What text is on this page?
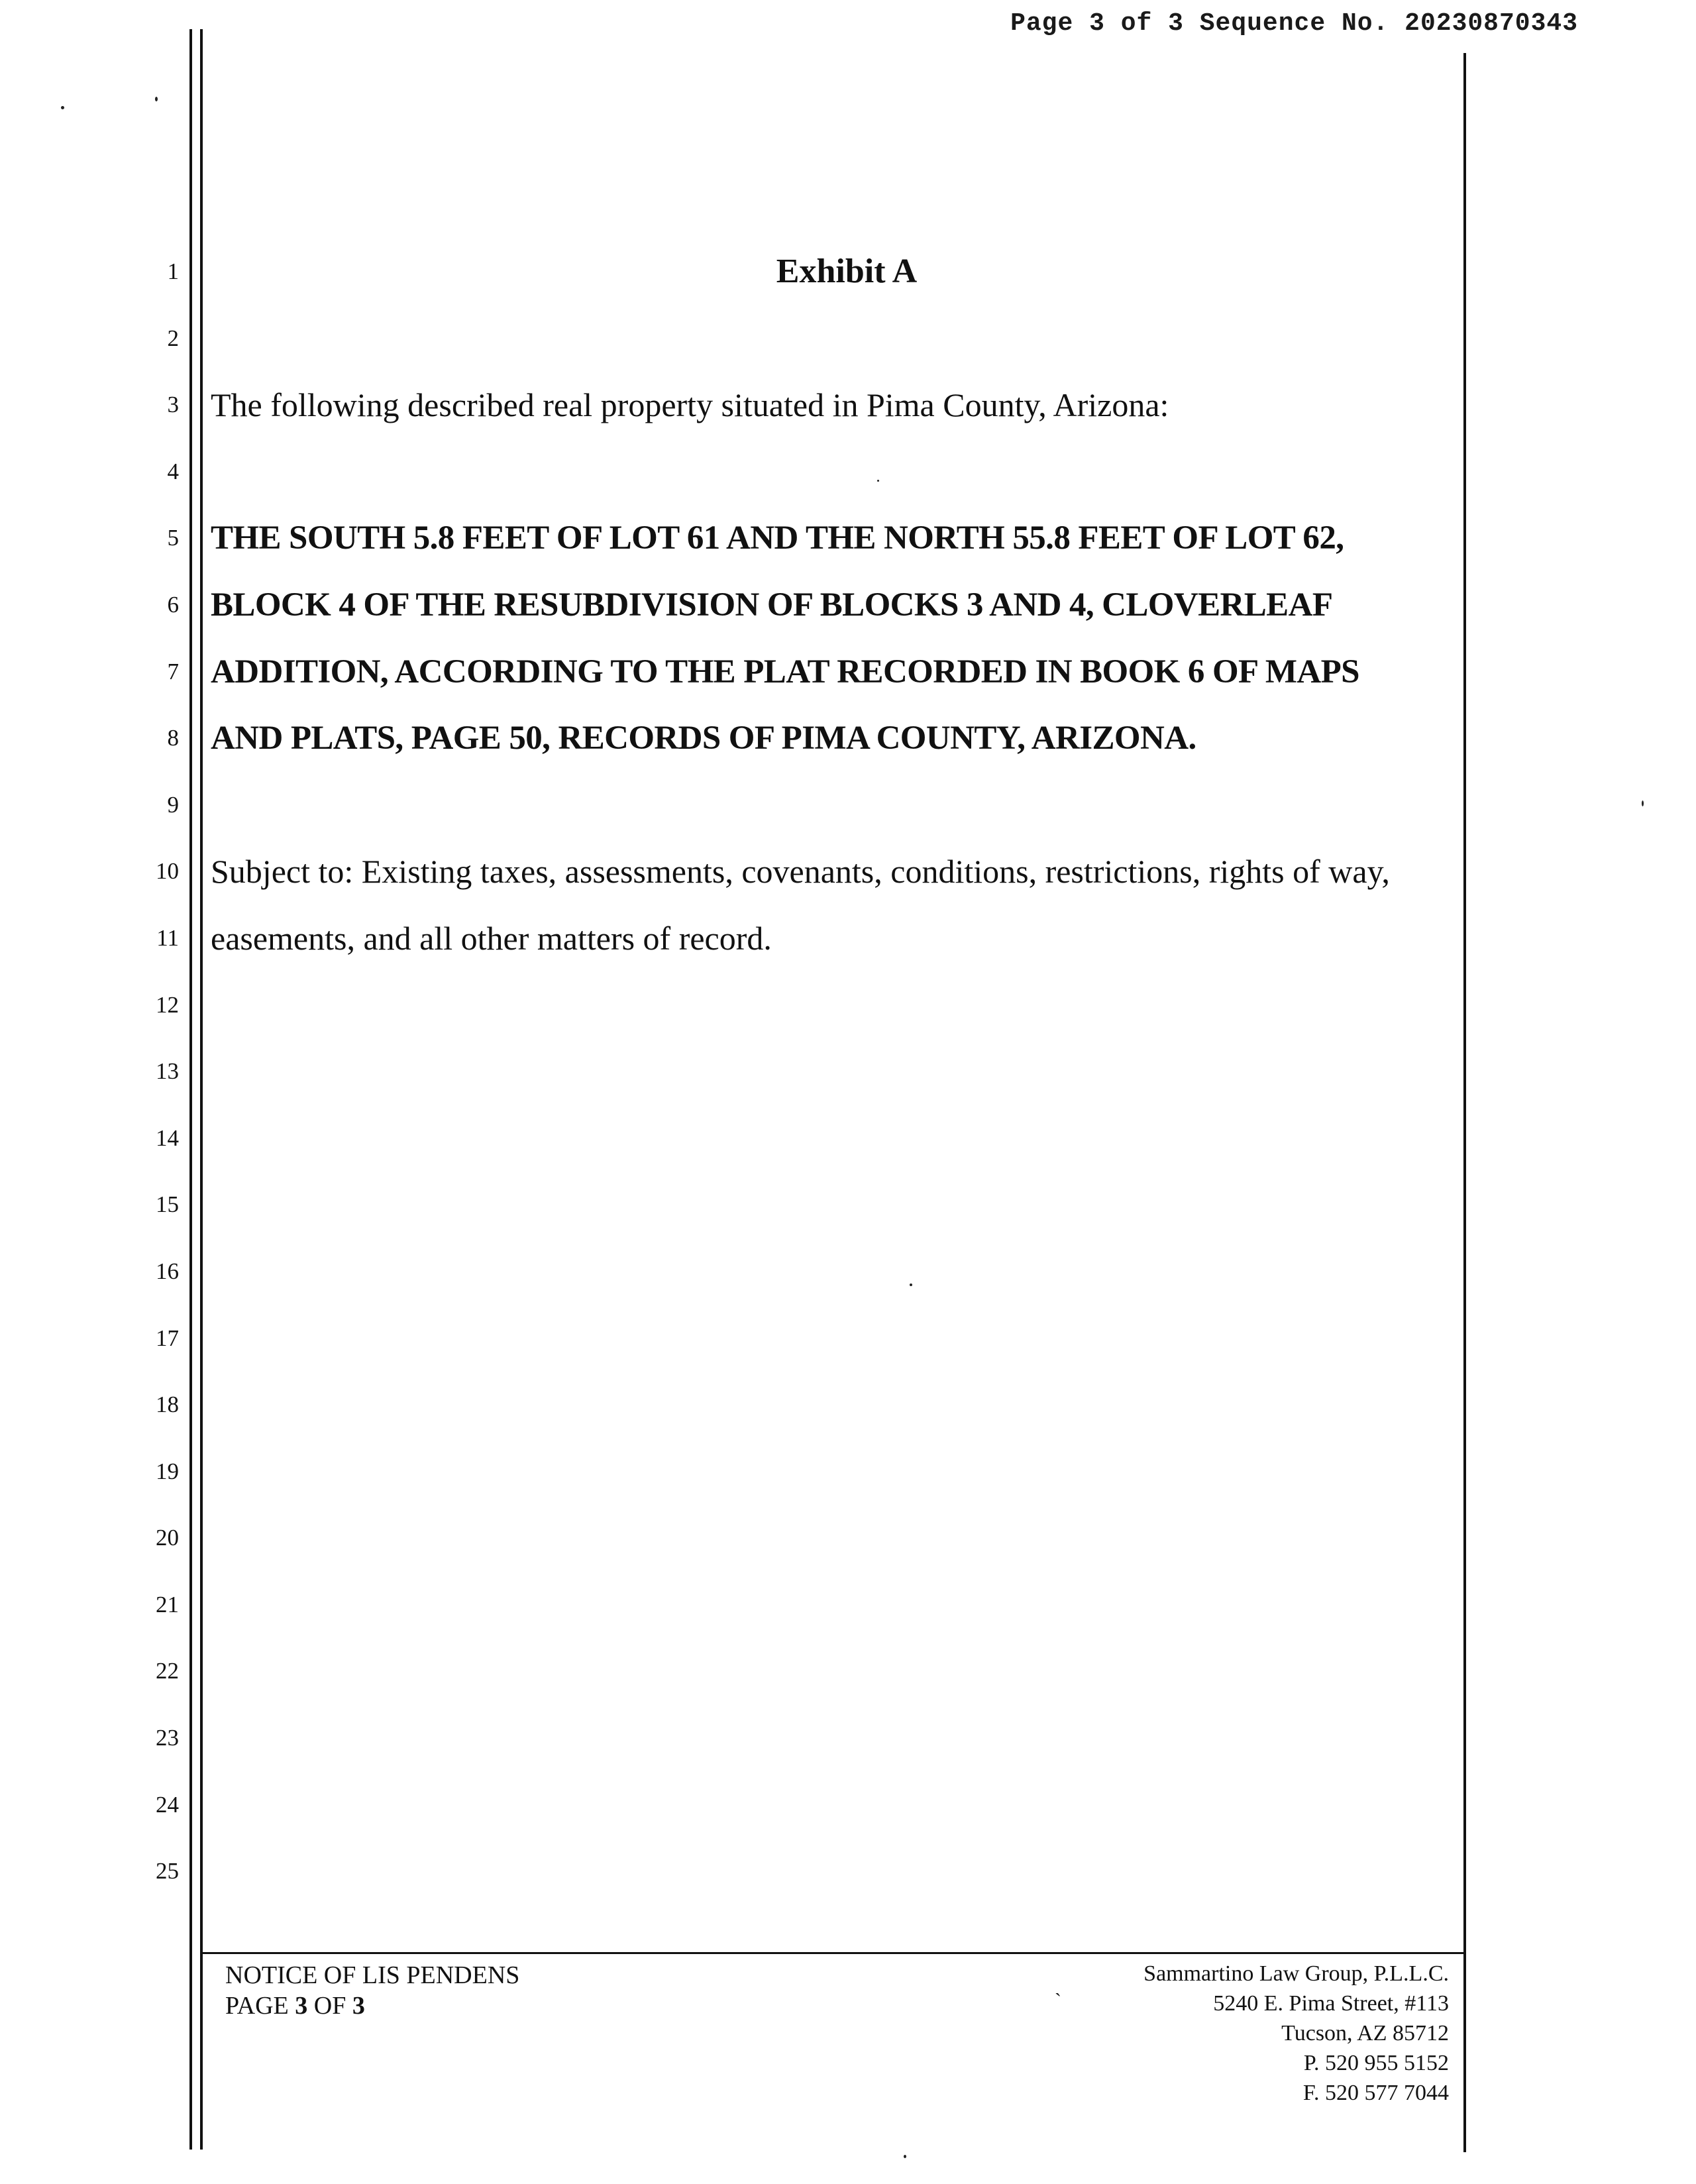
Page 3 of 3 Sequence No. 20230870343
1
2
3
4
5
6
7
8
9
10
11
12
13
14
15
16
17
18
19
20
21
22
23
24
25
Exhibit A
The following described real property situated in Pima County, Arizona:
THE SOUTH 5.8 FEET OF LOT 61 AND THE NORTH 55.8 FEET OF LOT 62,
BLOCK 4 OF THE RESUBDIVISION OF BLOCKS 3 AND 4, CLOVERLEAF
ADDITION, ACCORDING TO THE PLAT RECORDED IN BOOK 6 OF MAPS
AND PLATS, PAGE 50, RECORDS OF PIMA COUNTY, ARIZONA.
Subject to: Existing taxes, assessments, covenants, conditions, restrictions, rights of way,
easements, and all other matters of record.
NOTICE OF LIS PENDENS
PAGE 3 OF 3
ˎ	Sammartino Law Group, P.L.L.C.
5240 E. Pima Street, #113
Tucson, AZ 85712
P. 520 955 5152
F. 520 577 7044
